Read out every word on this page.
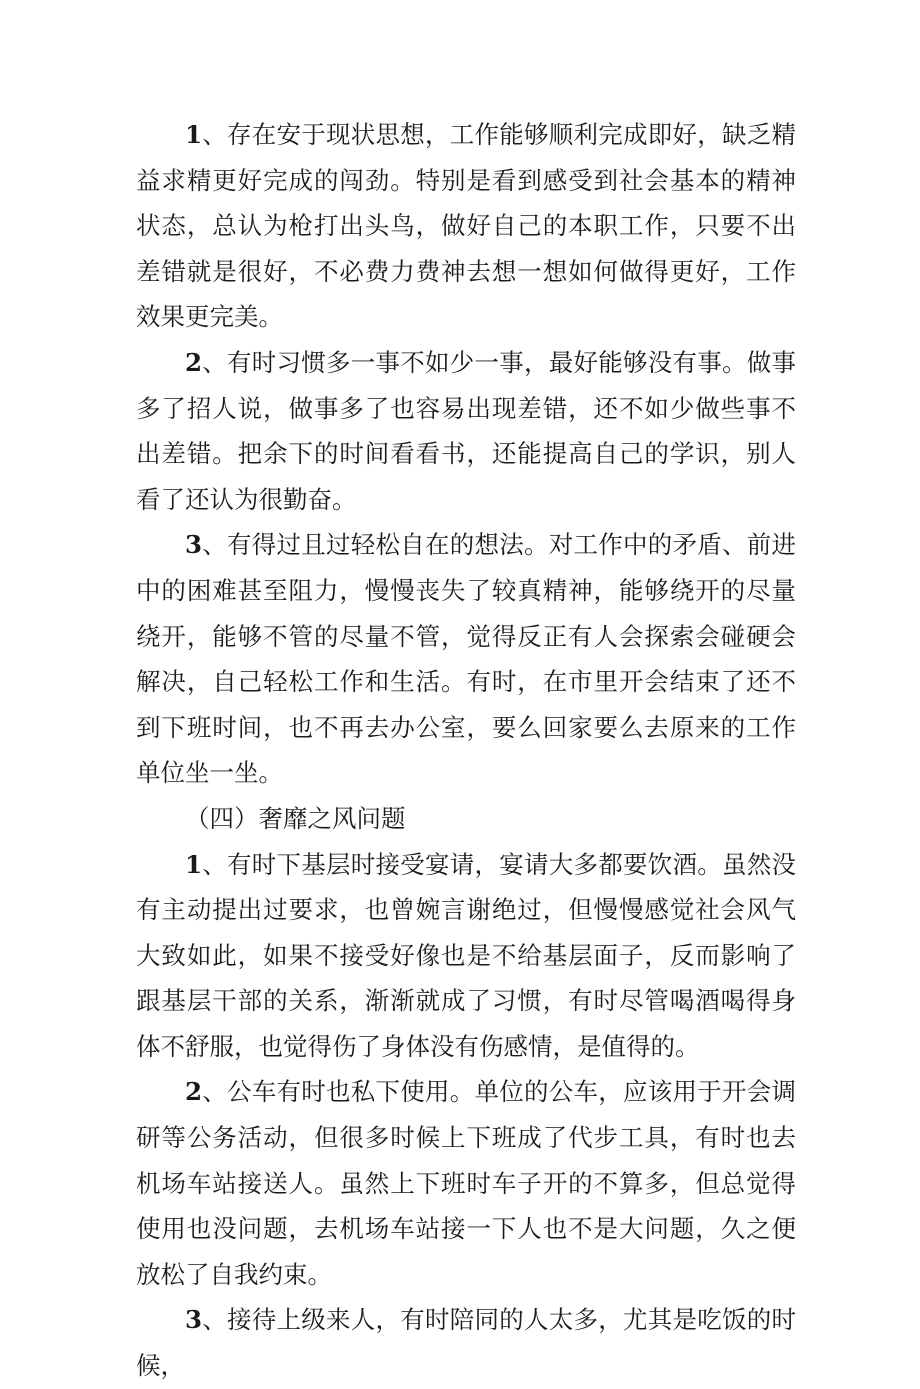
1、存在安于现状思想，工作能够顺利完成即好，缺乏精益求精更好完成的闯劲。特别是看到感受到社会基本的精神状态，总认为枪打出头鸟，做好自己的本职工作，只要不出差错就是很好，不必费力费神去想一想如何做得更好，工作效果更完美。

2、有时习惯多一事不如少一事，最好能够没有事。做事多了招人说，做事多了也容易出现差错，还不如少做些事不出差错。把余下的时间看看书，还能提高自己的学识，别人看了还认为很勤奋。

3、有得过且过轻松自在的想法。对工作中的矛盾、前进中的困难甚至阻力，慢慢丧失了较真精神，能够绕开的尽量绕开，能够不管的尽量不管，觉得反正有人会探索会碰硬会解决，自己轻松工作和生活。有时，在市里开会结束了还不到下班时间，也不再去办公室，要么回家要么去原来的工作单位坐一坐。

（四）奢靡之风问题

1、有时下基层时接受宴请，宴请大多都要饮酒。虽然没有主动提出过要求，也曾婉言谢绝过，但慢慢感觉社会风气大致如此，如果不接受好像也是不给基层面子，反而影响了跟基层干部的关系，渐渐就成了习惯，有时尽管喝酒喝得身体不舒服，也觉得伤了身体没有伤感情，是值得的。

2、公车有时也私下使用。单位的公车，应该用于开会调研等公务活动，但很多时候上下班成了代步工具，有时也去机场车站接送人。虽然上下班时车子开的不算多，但总觉得使用也没问题，去机场车站接一下人也不是大问题，久之便放松了自我约束。

3、接待上级来人，有时陪同的人太多，尤其是吃饭的时候，
